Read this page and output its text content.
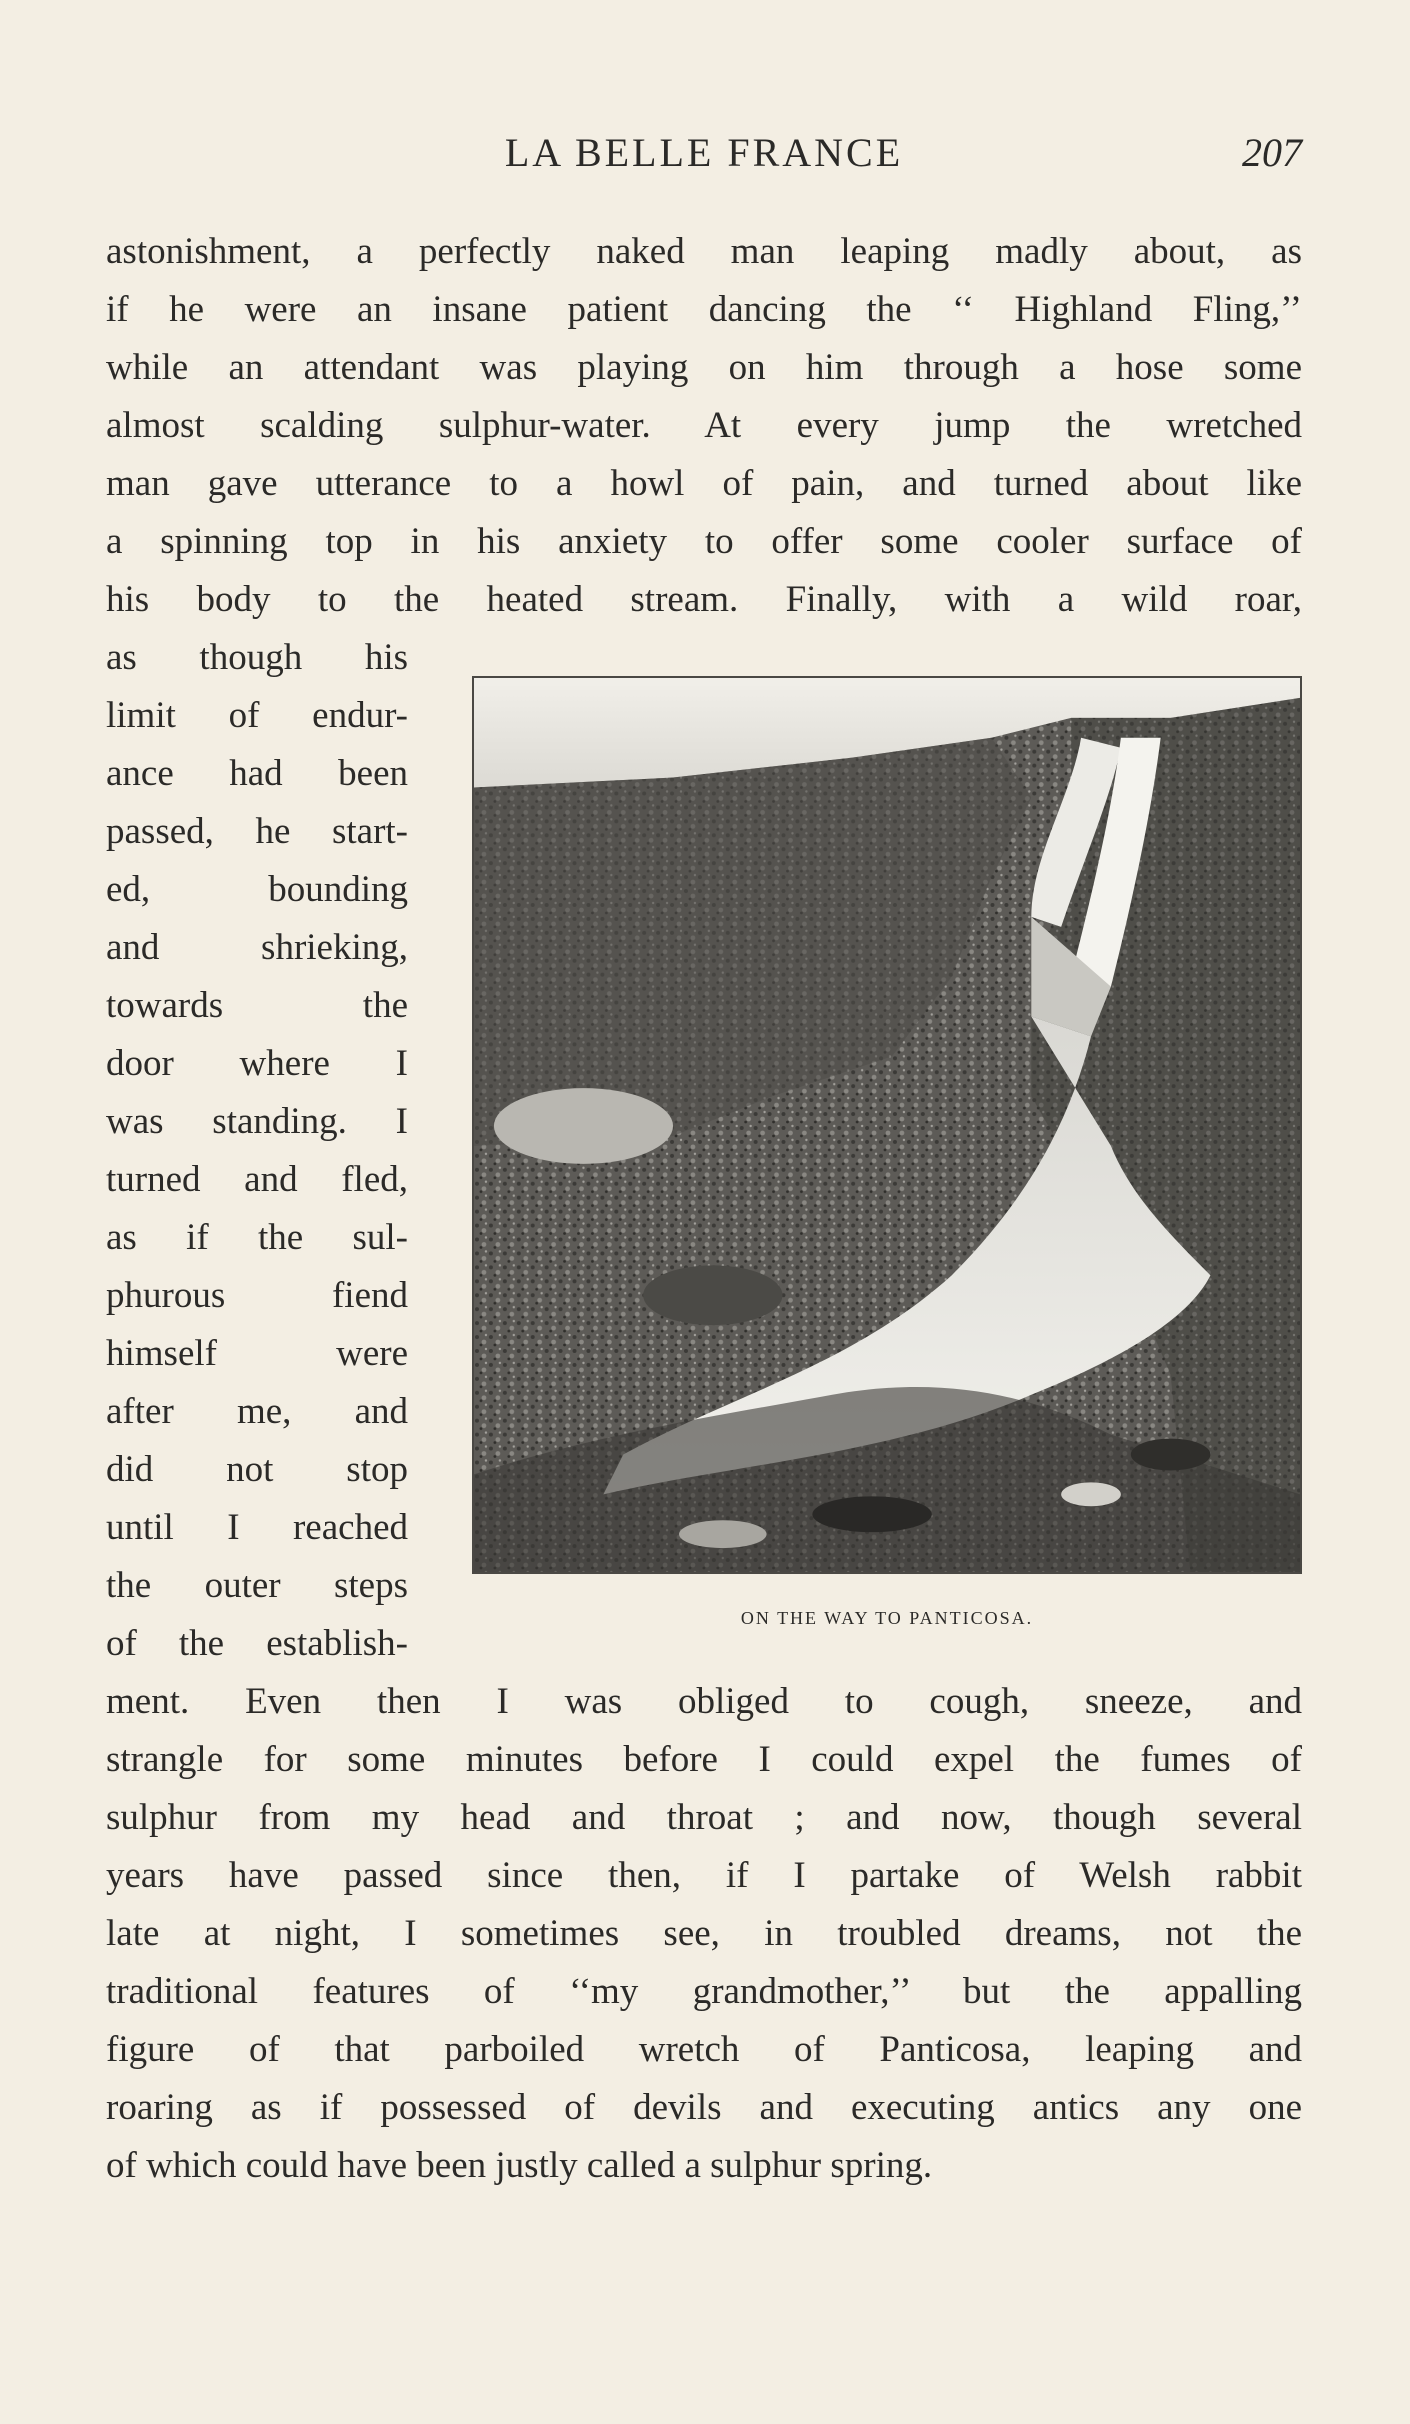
LA BELLE FRANCE	207
astonishment, a perfectly naked man leaping madly about, as
if he were an insane patient dancing the ‘‘ Highland Fling,’’
while an attendant was playing on him through a hose some
almost scalding sulphur-water. At every jump the wretched
man gave utterance to a howl of pain, and turned about like
a spinning top in his anxiety to offer some cooler surface of
his body to the heated stream. Finally, with a wild roar,
as though his
limit of endur-
ance had been
passed, he start-
ed, bounding
and shrieking,
towards the
door where I
was standing. I
turned and fled,
as if the sul-
phurous fiend
himself were
after me, and
did not stop
until I reached
the outer steps
of the establish-
ON THE WAY TO PANTICOSA.
ment. Even then I was obliged to cough, sneeze, and
strangle for some minutes before I could expel the fumes of
sulphur from my head and throat ; and now, though several
years have passed since then, if I partake of Welsh rabbit
late at night, I sometimes see, in troubled dreams, not the
traditional features of ‘‘my grandmother,’’ but the appalling
figure of that parboiled wretch of Panticosa, leaping and
roaring as if possessed of devils and executing antics any one
of which could have been justly called a sulphur spring.
